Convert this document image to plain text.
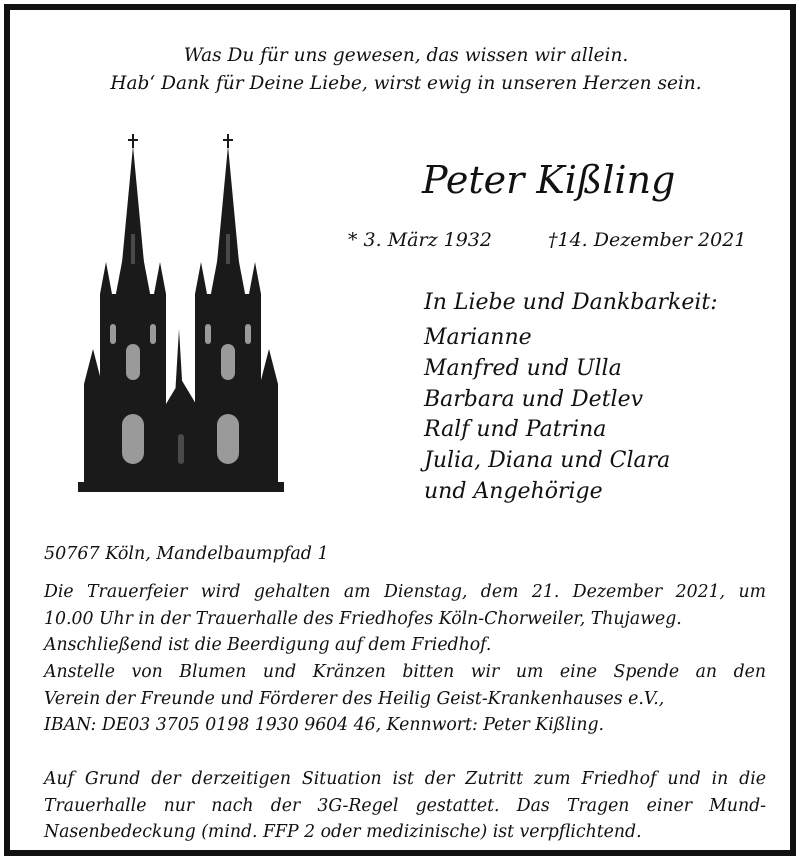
Was Du für uns gewesen, das wissen wir allein.
Hab‘ Dank für Deine Liebe, wirst ewig in unseren Herzen sein.
Peter Kißling
* 3. März 1932	†14. Dezember 2021
In Liebe und Dankbarkeit:
Marianne
Manfred und Ulla
Barbara und Detlev
Ralf und Patrina
Julia, Diana und Clara
und Angehörige
50767 Köln, Mandelbaumpfad 1
Die Trauerfeier wird gehalten am Dienstag, dem 21. Dezember 2021, um
10.00 Uhr in der Trauerhalle des Friedhofes Köln-Chorweiler, Thujaweg.
Anschließend ist die Beerdigung auf dem Friedhof.
Anstelle von Blumen und Kränzen bitten wir um eine Spende an den
Verein der Freunde und Förderer des Heilig Geist-Krankenhauses e.V.,
IBAN: DE03 3705 0198 1930 9604 46, Kennwort: Peter Kißling.
Auf Grund der derzeitigen Situation ist der Zutritt zum Friedhof und in die
Trauerhalle nur nach der 3G-Regel gestattet. Das Tragen einer Mund-
Nasenbedeckung (mind. FFP 2 oder medizinische) ist verpflichtend.
